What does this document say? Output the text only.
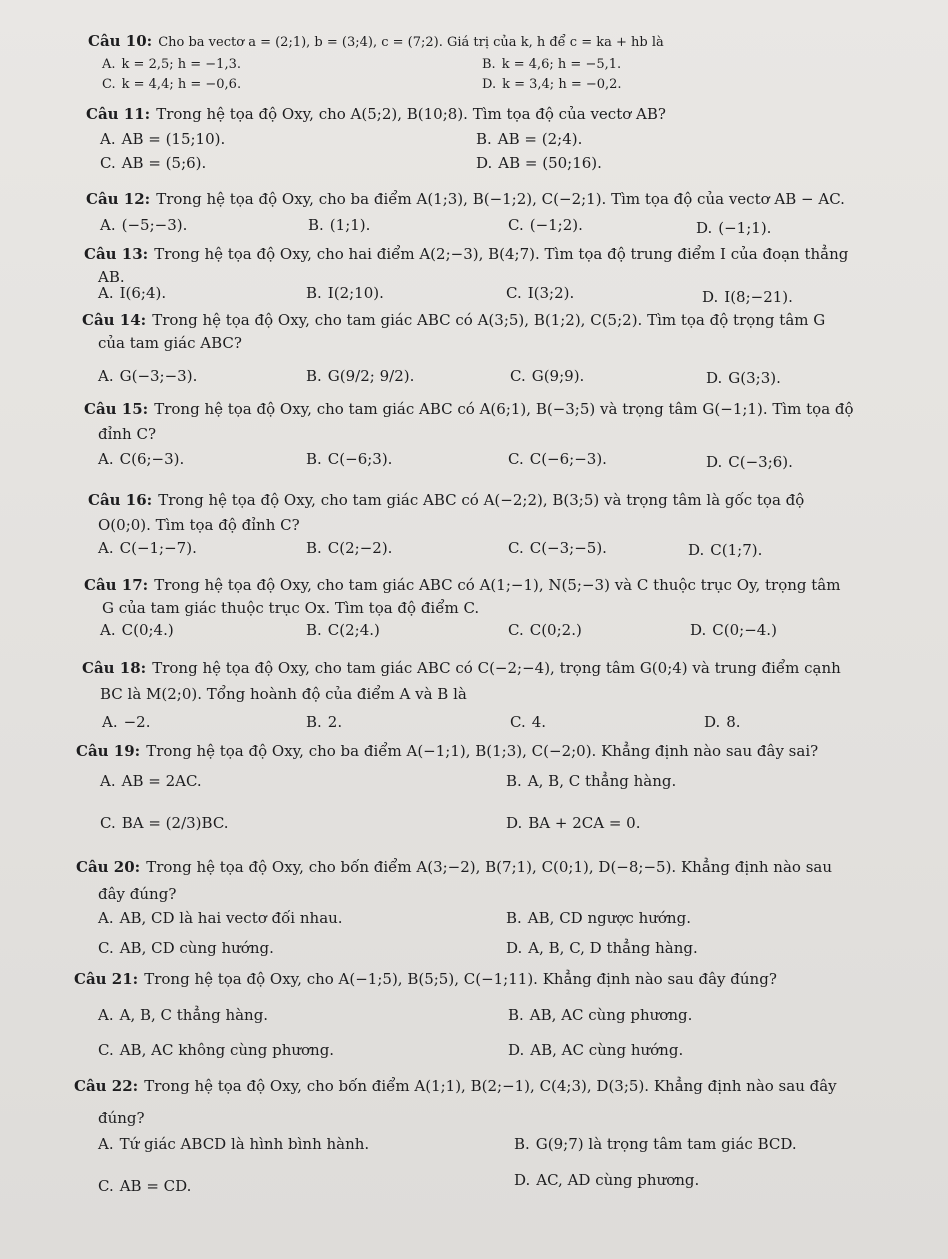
Câu 10: Cho ba vectơ a = (2;1), b = (3;4), c = (7;2). Giá trị của k, h để c = ka + hb là
A. k = 2,5; h = −1,3.	B. k = 4,6; h = −5,1.
C. k = 4,4; h = −0,6.	D. k = 3,4; h = −0,2.
Câu 11: Trong hệ tọa độ Oxy, cho A(5;2), B(10;8). Tìm tọa độ của vectơ AB?
A. AB = (15;10).	B. AB = (2;4).
C. AB = (5;6).	D. AB = (50;16).
Câu 12: Trong hệ tọa độ Oxy, cho ba điểm A(1;3), B(−1;2), C(−2;1). Tìm tọa độ của vectơ AB − AC.
A. (−5;−3).	B. (1;1).	C. (−1;2).	D. (−1;1).
Câu 13: Trong hệ tọa độ Oxy, cho hai điểm A(2;−3), B(4;7). Tìm tọa độ trung điểm I của đoạn thẳng
AB.
A. I(6;4).	B. I(2;10).	C. I(3;2).	D. I(8;−21).
Câu 14: Trong hệ tọa độ Oxy, cho tam giác ABC có A(3;5), B(1;2), C(5;2). Tìm tọa độ trọng tâm G
của tam giác ABC?
A. G(−3;−3).	B. G(9/2; 9/2).	C. G(9;9).	D. G(3;3).
Câu 15: Trong hệ tọa độ Oxy, cho tam giác ABC có A(6;1), B(−3;5) và trọng tâm G(−1;1). Tìm tọa độ
đỉnh C?
A. C(6;−3).	B. C(−6;3).	C. C(−6;−3).	D. C(−3;6).
Câu 16: Trong hệ tọa độ Oxy, cho tam giác ABC có A(−2;2), B(3;5) và trọng tâm là gốc tọa độ
O(0;0). Tìm tọa độ đỉnh C?
A. C(−1;−7).	B. C(2;−2).	C. C(−3;−5).	D. C(1;7).
Câu 17: Trong hệ tọa độ Oxy, cho tam giác ABC có A(1;−1), N(5;−3) và C thuộc trục Oy, trọng tâm
G của tam giác thuộc trục Ox. Tìm tọa độ điểm C.
A. C(0;4.)	B. C(2;4.)	C. C(0;2.)	D. C(0;−4.)
Câu 18: Trong hệ tọa độ Oxy, cho tam giác ABC có C(−2;−4), trọng tâm G(0;4) và trung điểm cạnh
BC là M(2;0). Tổng hoành độ của điểm A và B là
A. −2.	B. 2.	C. 4.	D. 8.
Câu 19: Trong hệ tọa độ Oxy, cho ba điểm A(−1;1), B(1;3), C(−2;0). Khẳng định nào sau đây sai?
A. AB = 2AC.	B. A, B, C thẳng hàng.
C. BA = (2/3)BC.	D. BA + 2CA = 0.
Câu 20: Trong hệ tọa độ Oxy, cho bốn điểm A(3;−2), B(7;1), C(0;1), D(−8;−5). Khẳng định nào sau
đây đúng?
A. AB, CD là hai vectơ đối nhau.	B. AB, CD ngược hướng.
C. AB, CD cùng hướng.	D. A, B, C, D thẳng hàng.
Câu 21: Trong hệ tọa độ Oxy, cho A(−1;5), B(5;5), C(−1;11). Khẳng định nào sau đây đúng?
A. A, B, C thẳng hàng.	B. AB, AC cùng phương.
C. AB, AC không cùng phương.	D. AB, AC cùng hướng.
Câu 22: Trong hệ tọa độ Oxy, cho bốn điểm A(1;1), B(2;−1), C(4;3), D(3;5). Khẳng định nào sau đây
đúng?
A. Tứ giác ABCD là hình bình hành.	B. G(9;7) là trọng tâm tam giác BCD.
C. AB = CD.	D. AC, AD cùng phương.
